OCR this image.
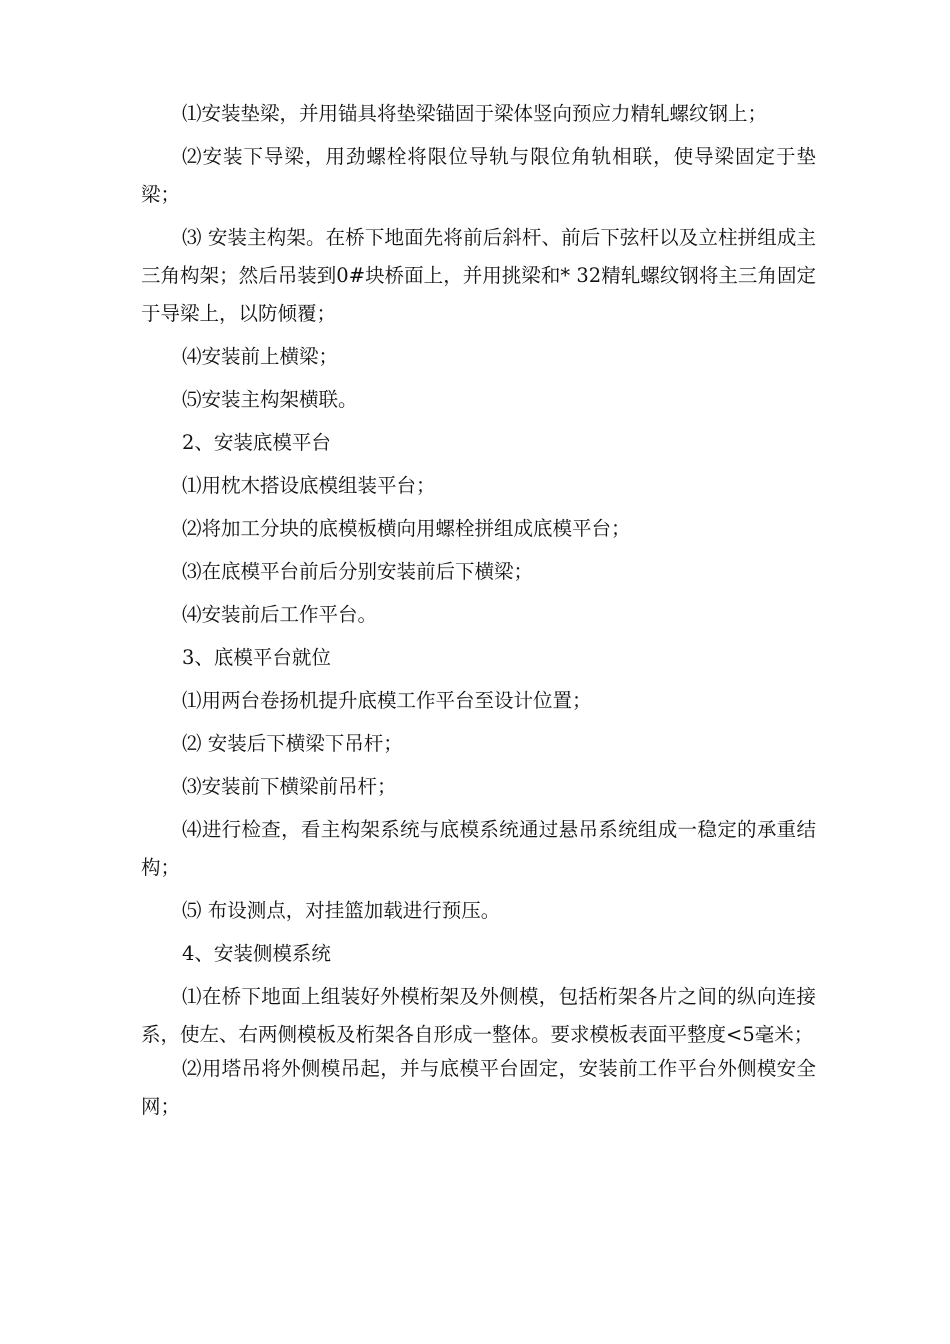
⑴安装垫梁，并用锚具将垫梁锚固于梁体竖向预应力精轧螺纹钢上；

⑵安装下导梁，用劲螺栓将限位导轨与限位角轨相联，使导梁固定于垫梁；

⑶ 安装主构架。在桥下地面先将前后斜杆、前后下弦杆以及立柱拼组成主三角构架；然后吊装到0#块桥面上，并用挑梁和* 32精轧螺纹钢将主三角固定于导梁上，以防倾覆；

⑷安装前上横梁；

⑸安装主构架横联。

2、安装底模平台

⑴用枕木搭设底模组装平台；

⑵将加工分块的底模板横向用螺栓拼组成底模平台；

⑶在底模平台前后分别安装前后下横梁；

⑷安装前后工作平台。

3、底模平台就位

⑴用两台卷扬机提升底模工作平台至设计位置；

⑵ 安装后下横梁下吊杆；

⑶安装前下横梁前吊杆；

⑷进行检查，看主构架系统与底模系统通过悬吊系统组成一稳定的承重结构；

⑸ 布设测点，对挂篮加载进行预压。

4、安装侧模系统

⑴在桥下地面上组装好外模桁架及外侧模，包括桁架各片之间的纵向连接系，使左、右两侧模板及桁架各自形成一整体。要求模板表面平整度<5毫米；

⑵用塔吊将外侧模吊起，并与底模平台固定，安装前工作平台外侧模安全网；
